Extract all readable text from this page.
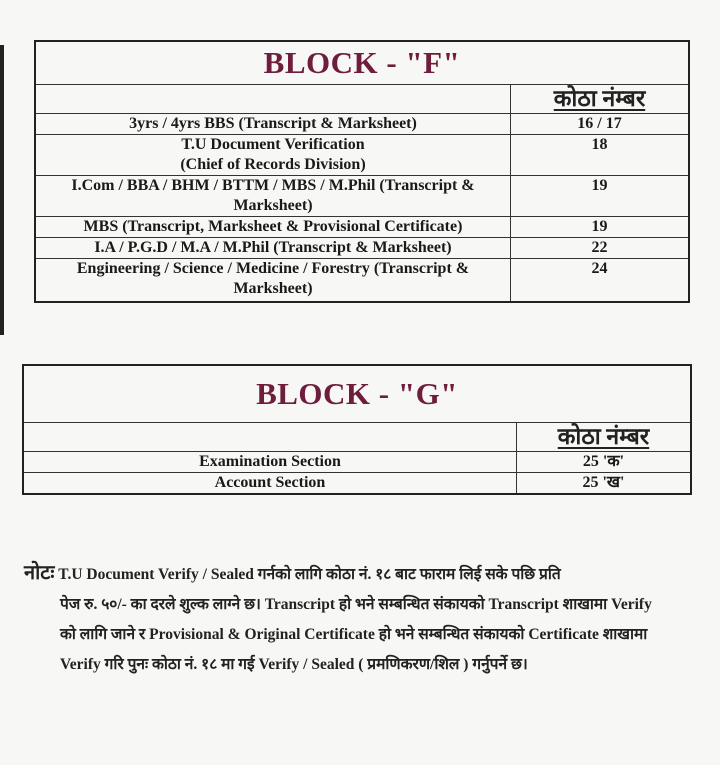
BLOCK - "F"	
	कोठा नंम्बर
3yrs / 4yrs BBS (Transcript & Marksheet)	16 / 17
T.U Document Verification
(Chief of Records Division)	18
I.Com / BBA / BHM / BTTM / MBS / M.Phil (Transcript &
Marksheet)	19
MBS (Transcript, Marksheet & Provisional Certificate)	19
I.A / P.G.D / M.A / M.Phil (Transcript & Marksheet)	22
Engineering / Science / Medicine / Forestry (Transcript &
Marksheet)	24
BLOCK - "G"	
	कोठा नंम्बर
Examination Section	25 'क'
Account Section	25 'ख'
नोटः T.U Document Verify / Sealed गर्नको लागि कोठा नं. १८ बाट फाराम लिई सके पछि प्रति
पेज रु. ५०/- का दरले शुल्क लाग्ने छ। Transcript हो भने सम्बन्धित संकायको Transcript शाखामा Verify
को लागि जाने र Provisional & Original Certificate हो भने सम्बन्धित संकायको Certificate शाखामा
Verify गरि पुनः कोठा नं. १८ मा गई Verify / Sealed ( प्रमणिकरण/शिल ) गर्नुपर्ने छ।
